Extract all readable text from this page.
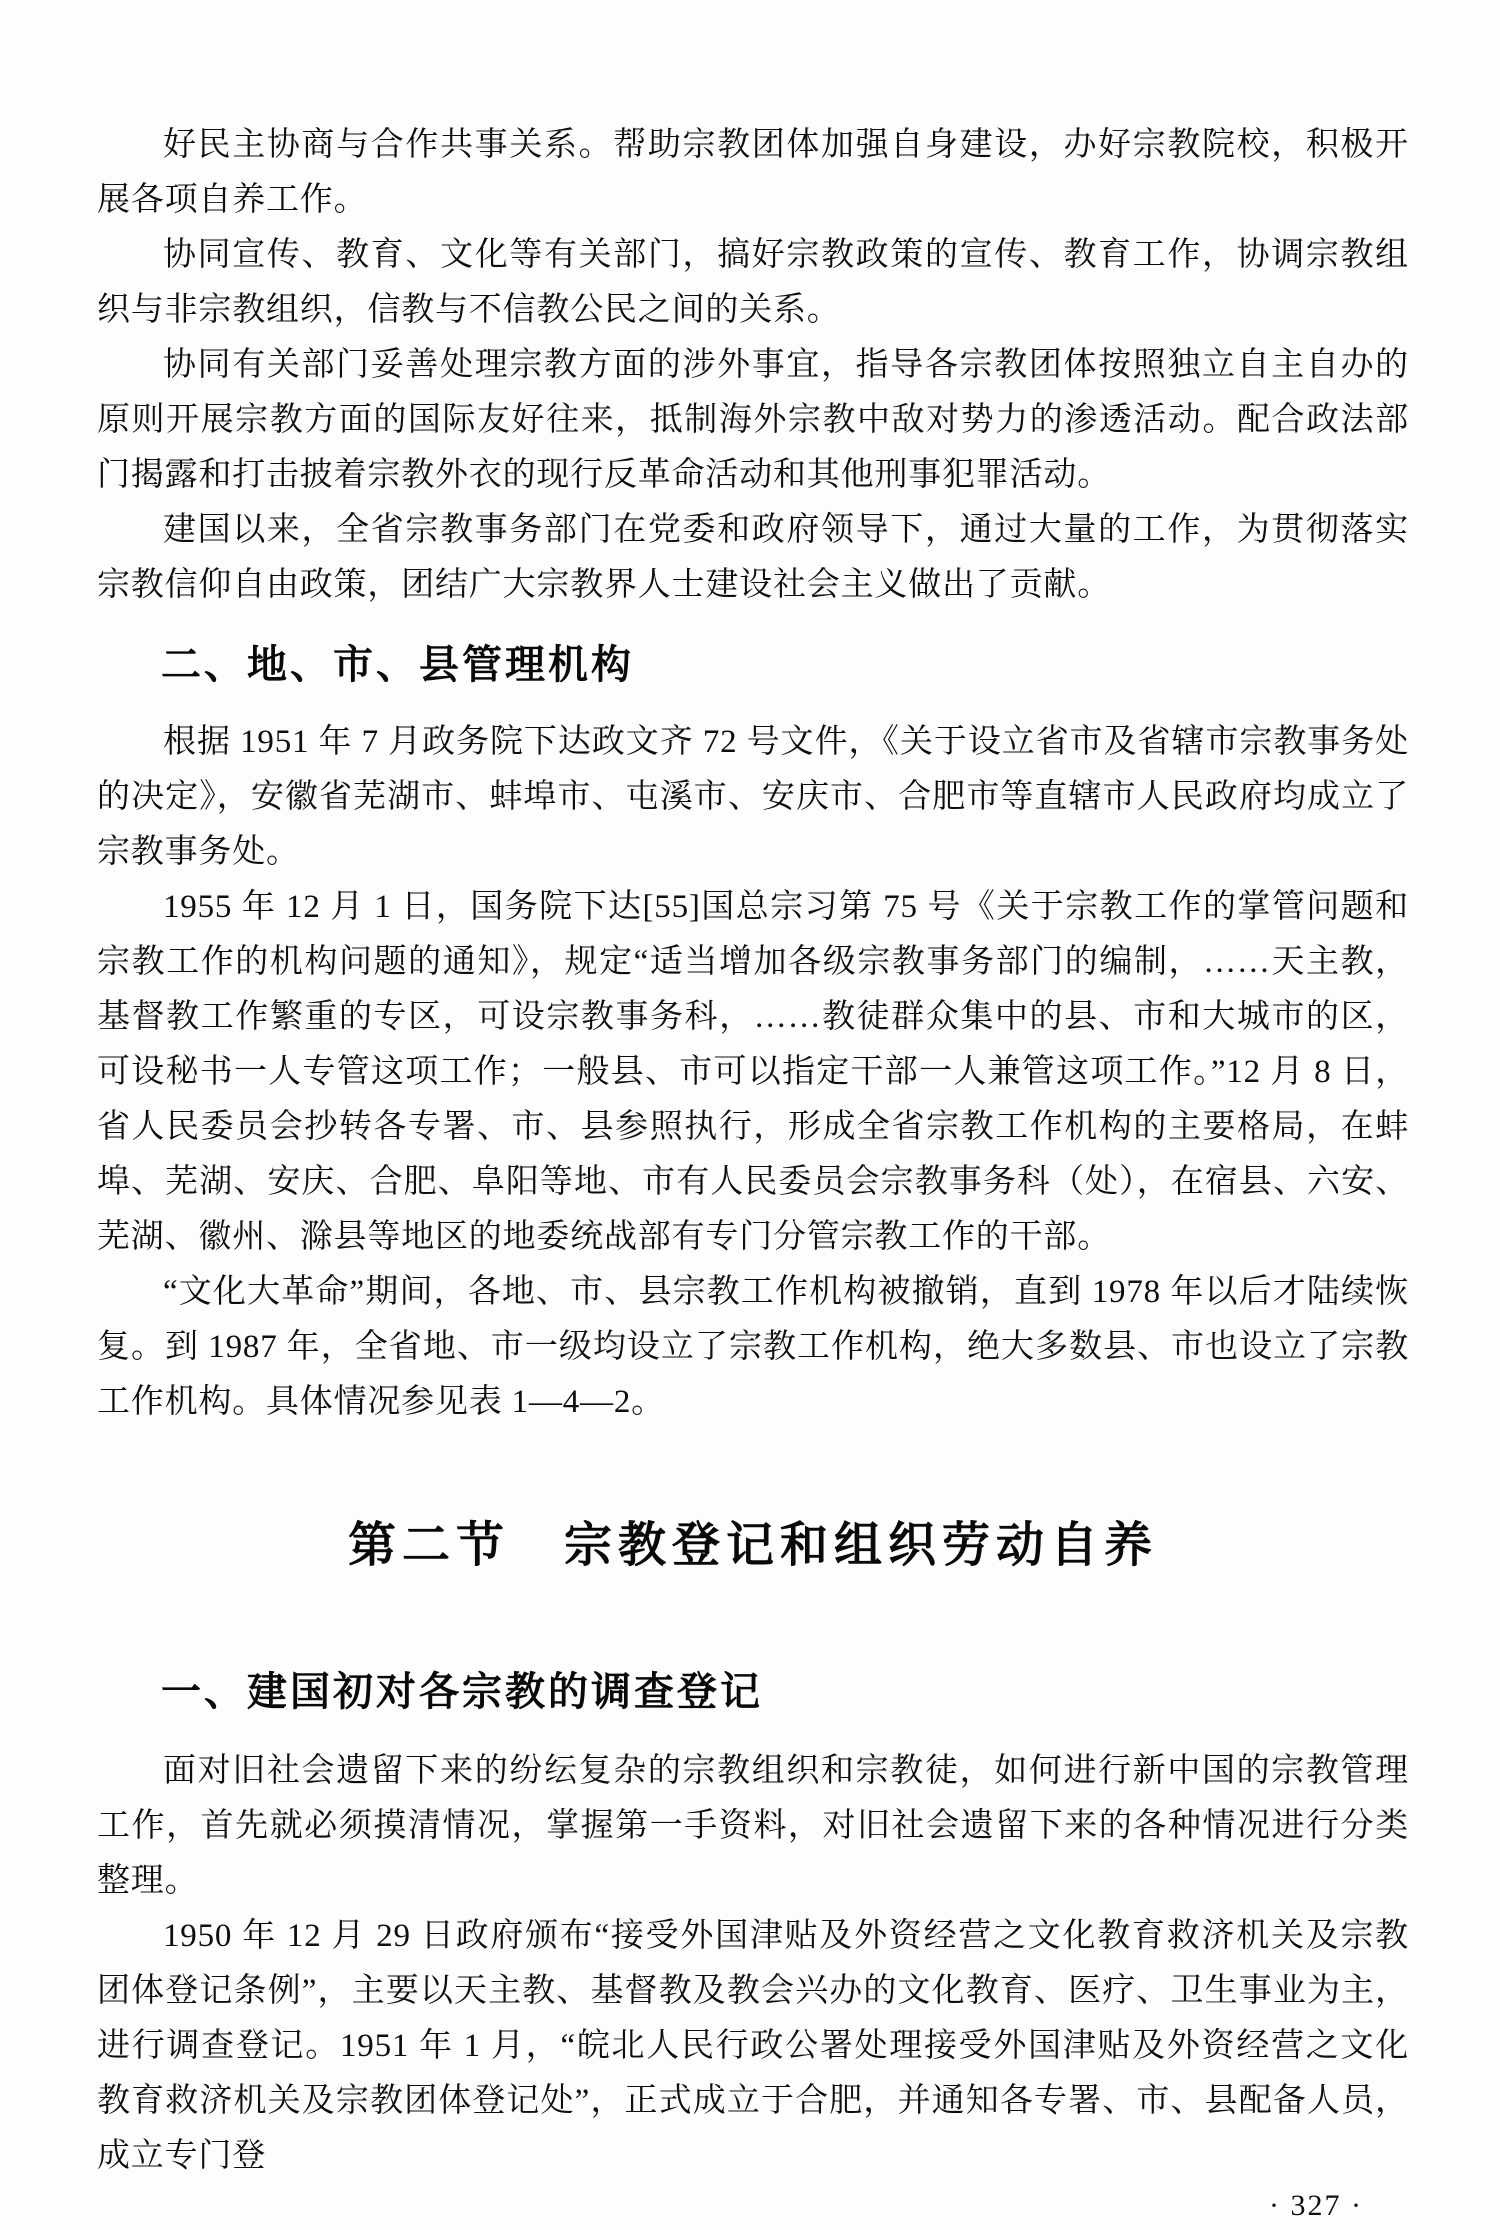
好民主协商与合作共事关系。帮助宗教团体加强自身建设，办好宗教院校，积极开展各项自养工作。

协同宣传、教育、文化等有关部门，搞好宗教政策的宣传、教育工作，协调宗教组织与非宗教组织，信教与不信教公民之间的关系。

协同有关部门妥善处理宗教方面的涉外事宜，指导各宗教团体按照独立自主自办的原则开展宗教方面的国际友好往来，抵制海外宗教中敌对势力的渗透活动。配合政法部门揭露和打击披着宗教外衣的现行反革命活动和其他刑事犯罪活动。

建国以来，全省宗教事务部门在党委和政府领导下，通过大量的工作，为贯彻落实宗教信仰自由政策，团结广大宗教界人士建设社会主义做出了贡献。

二、地、市、县管理机构

根据 1951 年 7 月政务院下达政文齐 72 号文件，《关于设立省市及省辖市宗教事务处的决定》，安徽省芜湖市、蚌埠市、屯溪市、安庆市、合肥市等直辖市人民政府均成立了宗教事务处。

1955 年 12 月 1 日，国务院下达[55]国总宗习第 75 号《关于宗教工作的掌管问题和宗教工作的机构问题的通知》，规定“适当增加各级宗教事务部门的编制，……天主教，基督教工作繁重的专区，可设宗教事务科，……教徒群众集中的县、市和大城市的区，可设秘书一人专管这项工作；一般县、市可以指定干部一人兼管这项工作。”12 月 8 日，省人民委员会抄转各专署、市、县参照执行，形成全省宗教工作机构的主要格局，在蚌埠、芜湖、安庆、合肥、阜阳等地、市有人民委员会宗教事务科（处），在宿县、六安、芜湖、徽州、滁县等地区的地委统战部有专门分管宗教工作的干部。

“文化大革命”期间，各地、市、县宗教工作机构被撤销，直到 1978 年以后才陆续恢复。到 1987 年，全省地、市一级均设立了宗教工作机构，绝大多数县、市也设立了宗教工作机构。具体情况参见表 1—4—2。

第二节　宗教登记和组织劳动自养
一、建国初对各宗教的调查登记

面对旧社会遗留下来的纷纭复杂的宗教组织和宗教徒，如何进行新中国的宗教管理工作，首先就必须摸清情况，掌握第一手资料，对旧社会遗留下来的各种情况进行分类整理。

1950 年 12 月 29 日政府颁布“接受外国津贴及外资经营之文化教育救济机关及宗教团体登记条例”，主要以天主教、基督教及教会兴办的文化教育、医疗、卫生事业为主，进行调查登记。1951 年 1 月，“皖北人民行政公署处理接受外国津贴及外资经营之文化教育救济机关及宗教团体登记处”，正式成立于合肥，并通知各专署、市、县配备人员，成立专门登

· 327 ·
